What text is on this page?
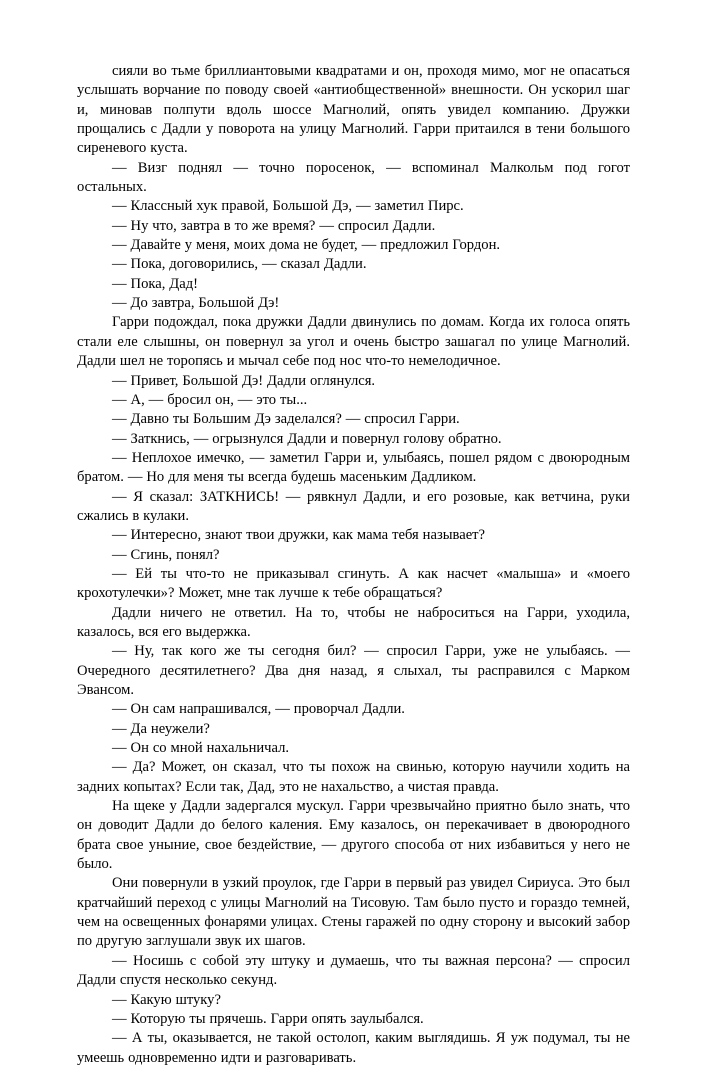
сияли во тьме бриллиантовыми квадратами и он, проходя мимо, мог не опасаться услышать ворчание по поводу своей «антиобщественной» внешности. Он ускорил шаг и, миновав полпути вдоль шоссе Магнолий, опять увидел компанию. Дружки прощались с Дадли у поворота на улицу Магнолий. Гарри притаился в тени большого сиреневого куста.

— Визг поднял — точно поросенок, — вспоминал Малкольм под гогот остальных.

— Классный хук правой, Большой Дэ, — заметил Пирс.

— Ну что, завтра в то же время? — спросил Дадли.

— Давайте у меня, моих дома не будет, — предложил Гордон.

— Пока, договорились, — сказал Дадли.

— Пока, Дад!

— До завтра, Большой Дэ!

Гарри подождал, пока дружки Дадли двинулись по домам. Когда их голоса опять стали еле слышны, он повернул за угол и очень быстро зашагал по улице Магнолий. Дадли шел не торопясь и мычал себе под нос что-то немелодичное.

— Привет, Большой Дэ! Дадли оглянулся.

— А, — бросил он, — это ты...

— Давно ты Большим Дэ заделался? — спросил Гарри.

— Заткнись, — огрызнулся Дадли и повернул голову обратно.

— Неплохое имечко, — заметил Гарри и, улыбаясь, пошел рядом с двоюродным братом. — Но для меня ты всегда будешь масеньким Дадликом.

— Я сказал: ЗАТКНИСЬ! — рявкнул Дадли, и его розовые, как ветчина, руки сжались в кулаки.

— Интересно, знают твои дружки, как мама тебя называет?

— Сгинь, понял?

— Ей ты что-то не приказывал сгинуть. А как насчет «малыша» и «моего крохотулечки»? Может, мне так лучше к тебе обращаться?

Дадли ничего не ответил. На то, чтобы не наброситься на Гарри, уходила, казалось, вся его выдержка.

— Ну, так кого же ты сегодня бил? — спросил Гарри, уже не улыбаясь. — Очередного десятилетнего? Два дня назад, я слыхал, ты расправился с Марком Эвансом.

— Он сам напрашивался, — проворчал Дадли.

— Да неужели?

— Он со мной нахальничал.

— Да? Может, он сказал, что ты похож на свинью, которую научили ходить на задних копытах? Если так, Дад, это не нахальство, а чистая правда.

На щеке у Дадли задергался мускул. Гарри чрезвычайно приятно было знать, что он доводит Дадли до белого каления. Ему казалось, он перекачивает в двоюродного брата свое уныние, свое бездействие, — другого способа от них избавиться у него не было.

Они повернули в узкий проулок, где Гарри в первый раз увидел Сириуса. Это был кратчайший переход с улицы Магнолий на Тисовую. Там было пусто и гораздо темней, чем на освещенных фонарями улицах. Стены гаражей по одну сторону и высокий забор по другую заглушали звук их шагов.

— Носишь с собой эту штуку и думаешь, что ты важная персона? — спросил Дадли спустя несколько секунд.

— Какую штуку?

— Которую ты прячешь. Гарри опять заулыбался.

— А ты, оказывается, не такой остолоп, каким выглядишь. Я уж подумал, ты не умеешь одновременно идти и разговаривать.
